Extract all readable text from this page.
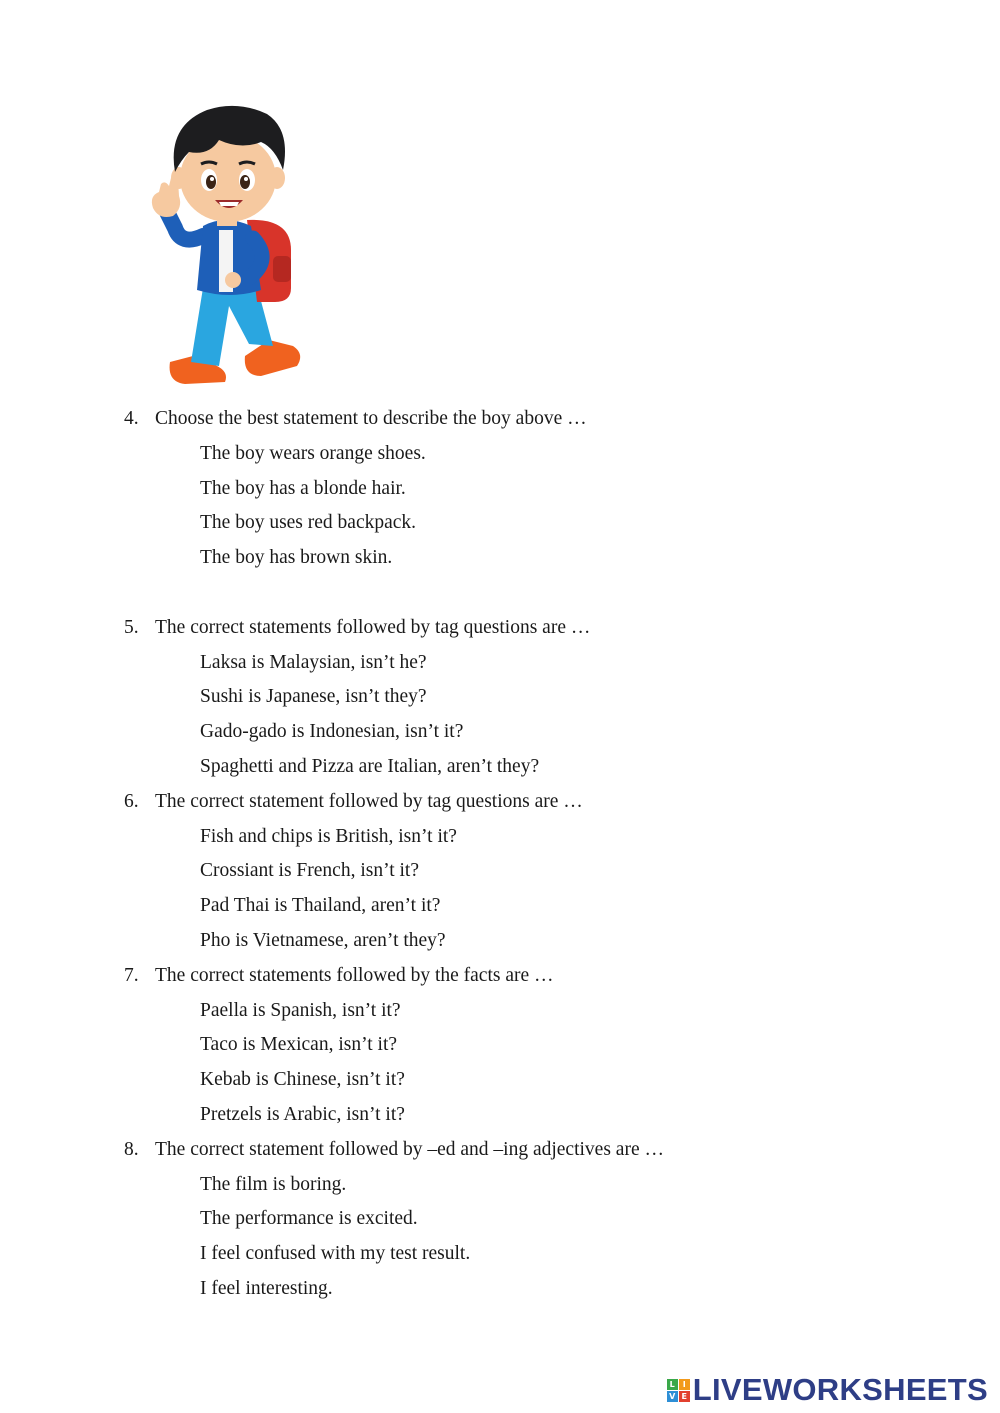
4. Choose the best statement to describe the boy above …
The boy wears orange shoes.
The boy has a blonde hair.
The boy uses red backpack.
The boy has brown skin.
5. The correct statements followed by tag questions are …
Laksa is Malaysian, isn’t he?
Sushi is Japanese, isn’t they?
Gado-gado is Indonesian, isn’t it?
Spaghetti and Pizza are Italian, aren’t they?
6. The correct statement followed by tag questions are …
Fish and chips is British, isn’t it?
Crossiant is French, isn’t it?
Pad Thai is Thailand, aren’t it?
Pho is Vietnamese, aren’t they?
7. The correct statements followed by the facts are …
Paella is Spanish, isn’t it?
Taco is Mexican, isn’t it?
Kebab is Chinese, isn’t it?
Pretzels is Arabic, isn’t it?
8. The correct statement followed by –ed and –ing adjectives are …
The film is boring.
The performance is excited.
I feel confused with my test result.
I feel interesting.
L I
V E LIVEWORKSHEETS
